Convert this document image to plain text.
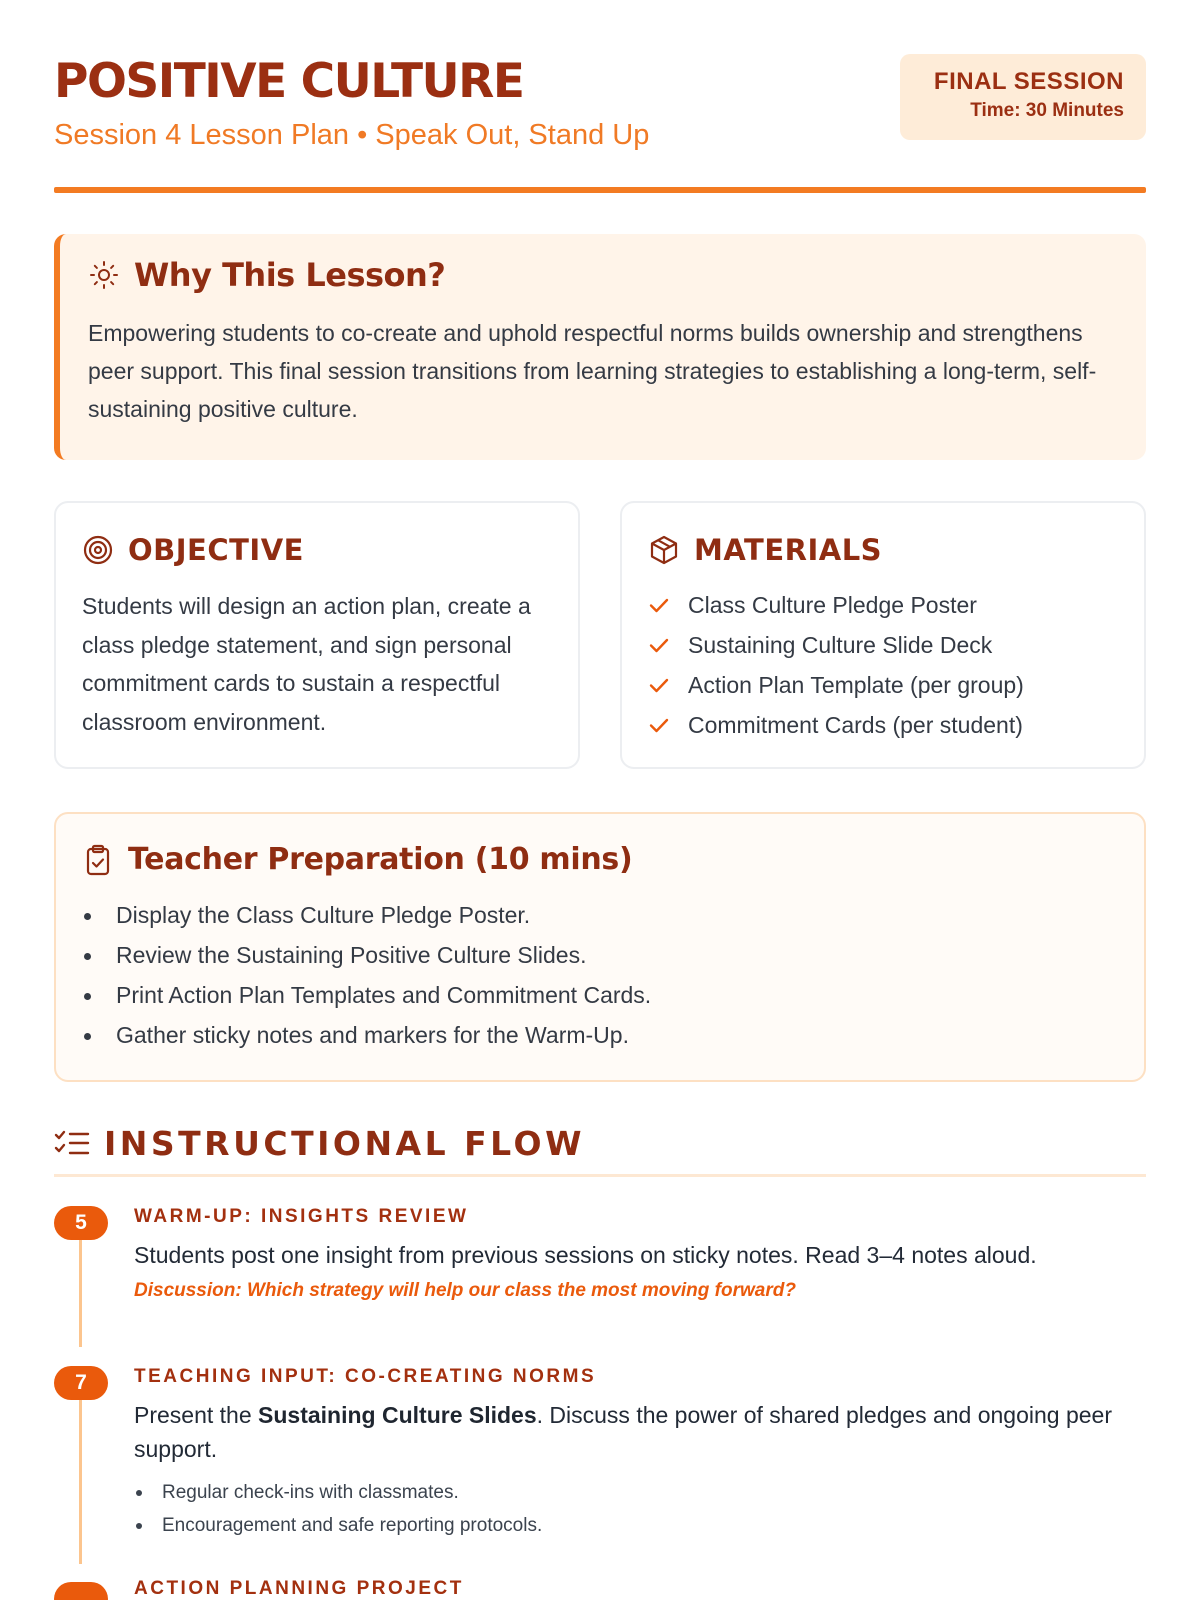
POSITIVE CULTURE
Session 4 Lesson Plan • Speak Out, Stand Up
FINAL SESSION
Time: 30 Minutes
Why This Lesson?

Empowering students to co-create and uphold respectful norms builds ownership and strengthens peer support. This final session transitions from learning strategies to establishing a long-term, self-sustaining positive culture.

OBJECTIVE

Students will design an action plan, create a class pledge statement, and sign personal commitment cards to sustain a respectful classroom environment.

MATERIALS
Class Culture Pledge Poster
Sustaining Culture Slide Deck
Action Plan Template (per group)
Commitment Cards (per student)
Teacher Preparation (10 mins)
Display the Class Culture Pledge Poster.
Review the Sustaining Positive Culture Slides.
Print Action Plan Templates and Commitment Cards.
Gather sticky notes and markers for the Warm-Up.
INSTRUCTIONAL FLOW
5	WARM-UP: INSIGHTS REVIEW
Students post one insight from previous sessions on sticky notes. Read 3–4 notes aloud.
Discussion: Which strategy will help our class the most moving forward?
7	TEACHING INPUT: CO-CREATING NORMS
Present the Sustaining Culture Slides. Discuss the power of shared pledges and ongoing peer support.
Regular check-ins with classmates.
Encouragement and safe reporting protocols.
ACTION PLANNING PROJECT
